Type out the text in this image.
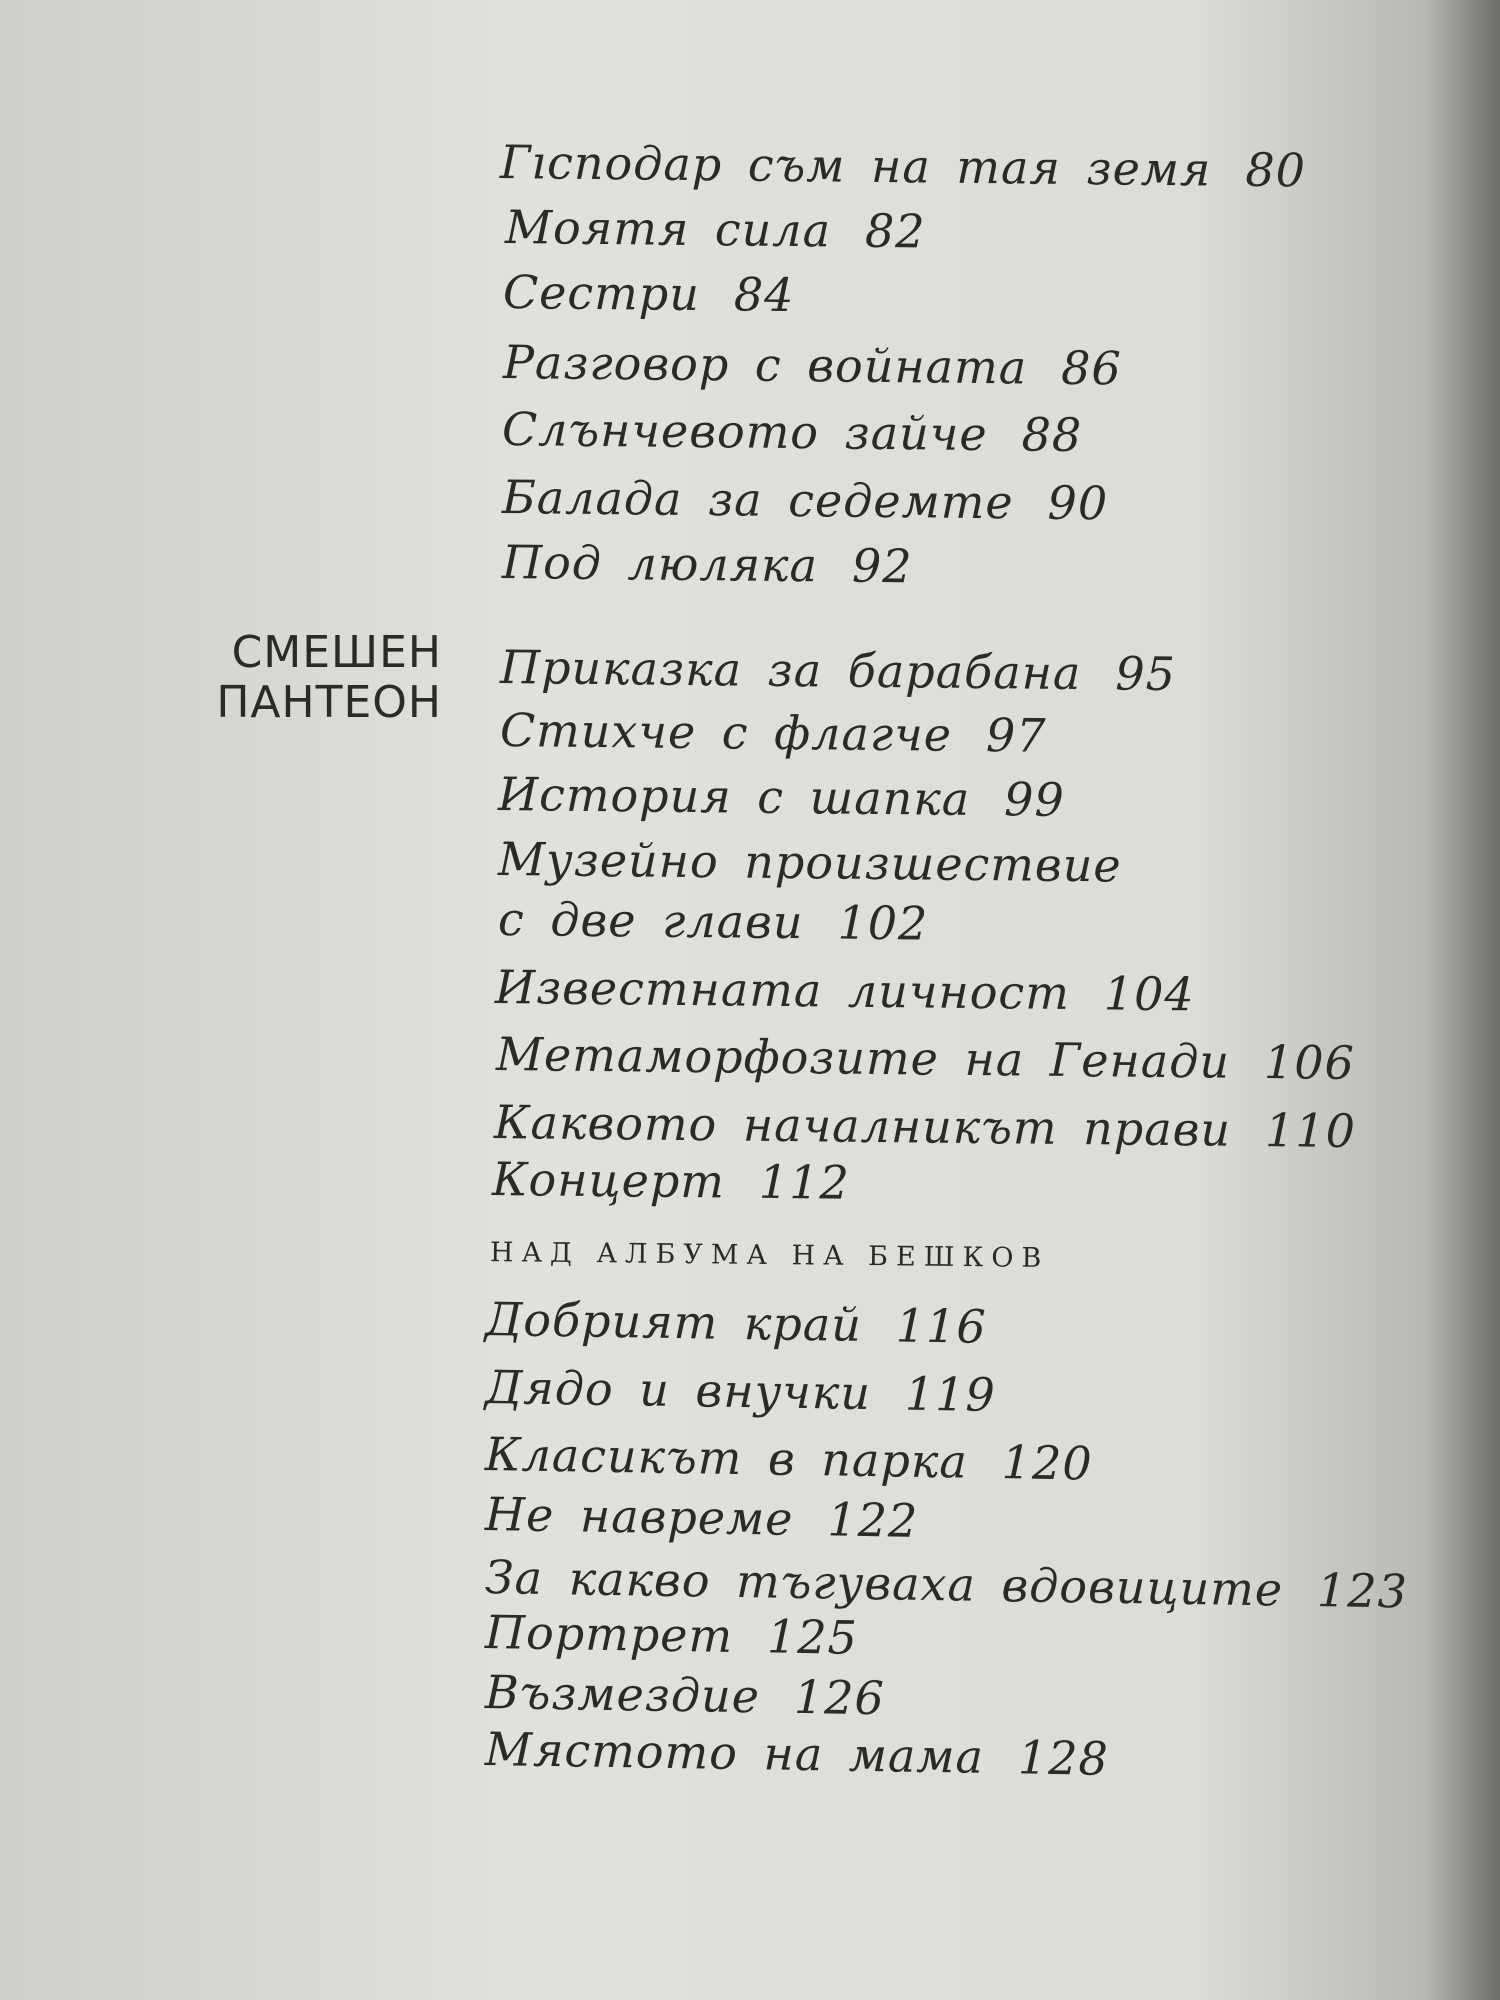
Гıсподар съм на тая земя 80
Моятя сила 82
Сестри 84
Разговор с войната 86
Слънчевото зайче 88
Балада за седемте 90
Под люляка 92
СМЕШЕН
ПАНТЕОН
Приказка за барабана 95
Стихче с флагче 97
История с шапка 99
Музейно произшествие
с две глави 102
Известната личност 104
Метаморфозите на Генади 106
Каквото началникът прави 110
Концерт 112
НАД АЛБУМА НА БЕШКОВ
Добрият край 116
Дядо и внучки 119
Класикът в парка 120
Не навреме 122
За какво тъгуваха вдовиците 123
Портрет 125
Възмездие 126
Мястото на мама 128
